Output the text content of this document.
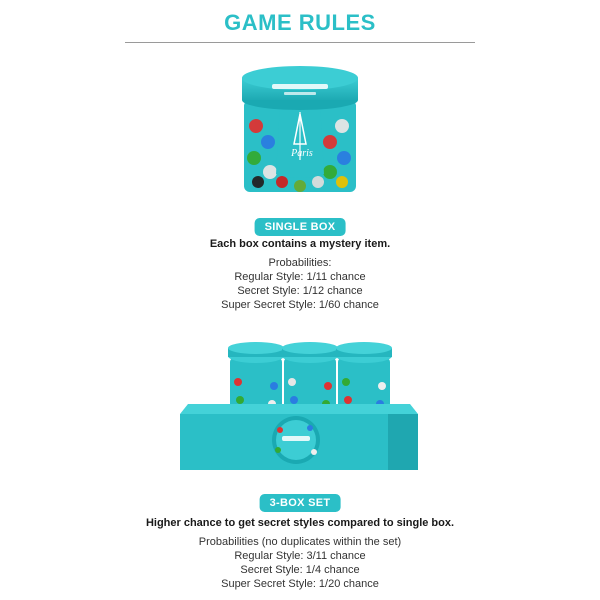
GAME RULES
Paris
SINGLE BOX
Each box contains a mystery item.
Probabilities:
Regular Style: 1/11 chance
Secret Style: 1/12 chance
Super Secret Style: 1/60 chance
3-BOX SET
Higher chance to get secret styles compared to single box.
Probabilities (no duplicates within the set)
Regular Style: 3/11 chance
Secret Style: 1/4 chance
Super Secret Style: 1/20 chance
